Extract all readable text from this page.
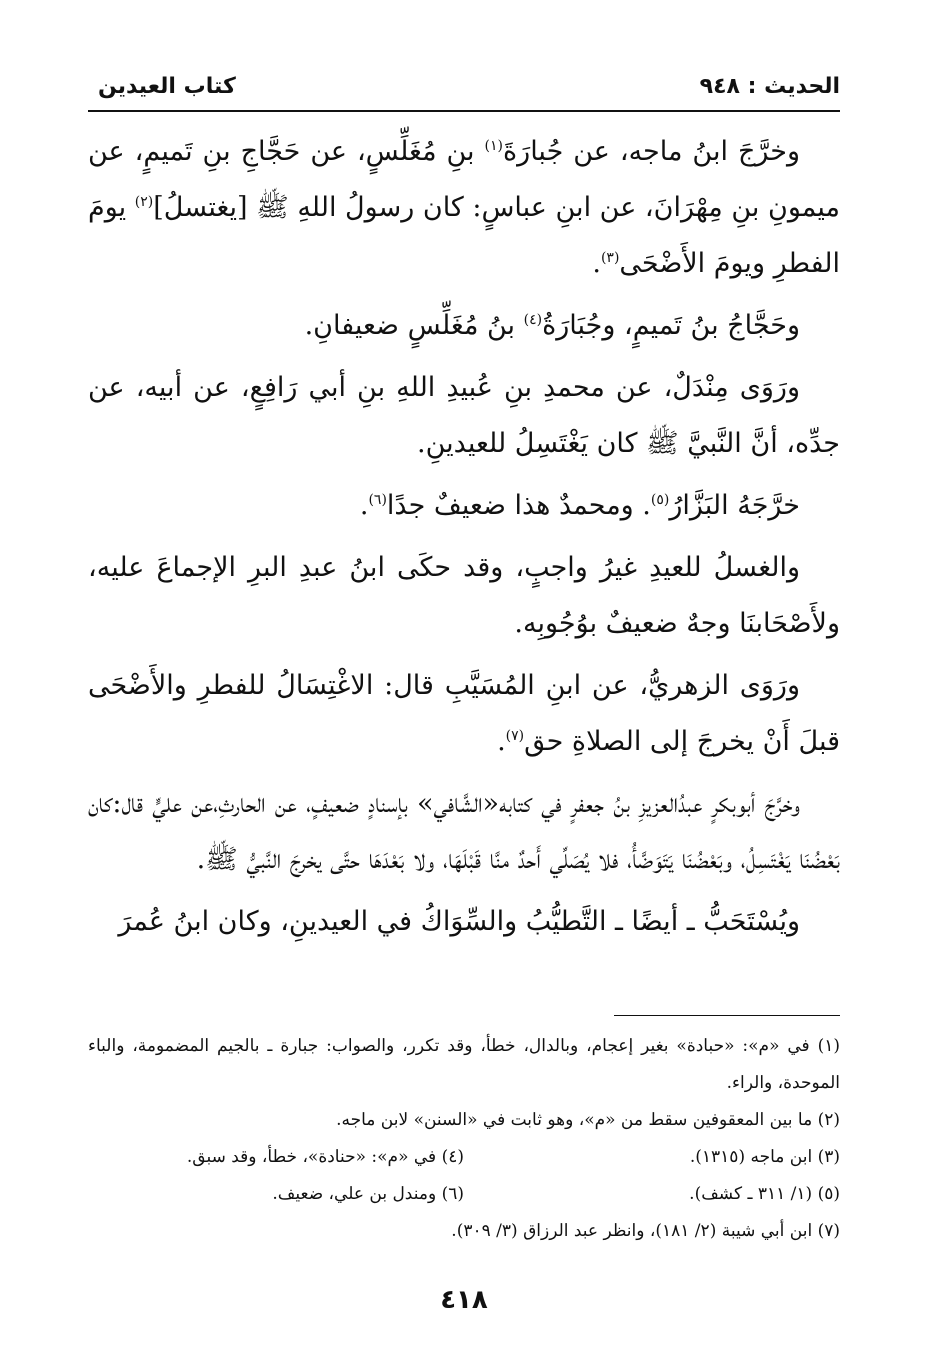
الحديث : ٩٤٨
كتاب العيدين

وخرَّجَ ابنُ ماجه، عن جُبارَةَ$^{(١)}$ بنِ مُغَلِّسٍ، عن حَجَّاجِ بنِ تَميمٍ، عن ميمونِ بنِ مِهْرَانَ، عن ابنِ عباسٍ: كان رسولُ اللهِ ﷺ [يغتسلُ]$^{(٢)}$ يومَ الفطرِ ويومَ الأَضْحَى$^{(٣)}$.

وحَجَّاجُ بنُ تَميمٍ، وجُبَارَةُ$^{(٤)}$ بنُ مُغَلِّسٍ ضعيفانِ.

ورَوَى مِنْدَلٌ، عن محمدِ بنِ عُبيدِ اللهِ بنِ أبي رَافِعٍ، عن أبيه، عن جدِّه، أنَّ النَّبيَّ ﷺ كان يَغْتَسِلُ للعيدينِ.

خرَّجَهُ البَزَّارُ$^{(٥)}$. ومحمدٌ هذا ضعيفٌ جدًا$^{(٦)}$.

والغسلُ للعيدِ غيرُ واجبٍ، وقد حكَى ابنُ عبدِ البرِ الإجماعَ عليه، ولأَصْحَابنَا وجهٌ ضعيفٌ بوُجُوبِه.

ورَوَى الزهريُّ، عن ابنِ المُسَيَّبِ قال: الاغْتِسَالُ للفطرِ والأَضْحَى قبلَ أَنْ يخرجَ إلى الصلاةِ حق$^{(٧)}$.

وخرَّجَ أبوبكرٍ عبدُالعزيزِ بنُ جعفرٍ في كتابه«الشَّافي» بإسنادٍ ضعيفٍ، عن الحارثِ،عن عليٍّ قال:كان بَعْضُنَا يَغْتَسِلُ، وبَعْضُنَا يَتَوَضَّأُ، فلا يُصَلِّي أَحدٌ منَّا قَبْلَهَا، ولا بَعْدَهَا حتَّى يخرجَ النَّبيُّ ﷺ.

ويُسْتَحَبُّ ـ أيضًا ـ التَّطيُّبُ والسِّوَاكُ في العيدينِ، وكان ابنُ عُمرَ

(١) في «م»: «حبادة» بغير إعجام، وبالدال، خطأ، وقد تكرر، والصواب: جبارة ـ بالجيم المضمومة، والباء الموحدة، والراء.

(٢) ما بين المعقوفين سقط من «م»، وهو ثابت في «السنن» لابن ماجه.

(٣) ابن ماجه (١٣١٥).

(٤) في «م»: «حنادة»، خطأ، وقد سبق.

(٥) (١/ ٣١١ ـ كشف).

(٦) ومندل بن علي، ضعيف.

(٧) ابن أبي شيبة (٢/ ١٨١)، وانظر عبد الرزاق (٣/ ٣٠٩).

٤١٨
